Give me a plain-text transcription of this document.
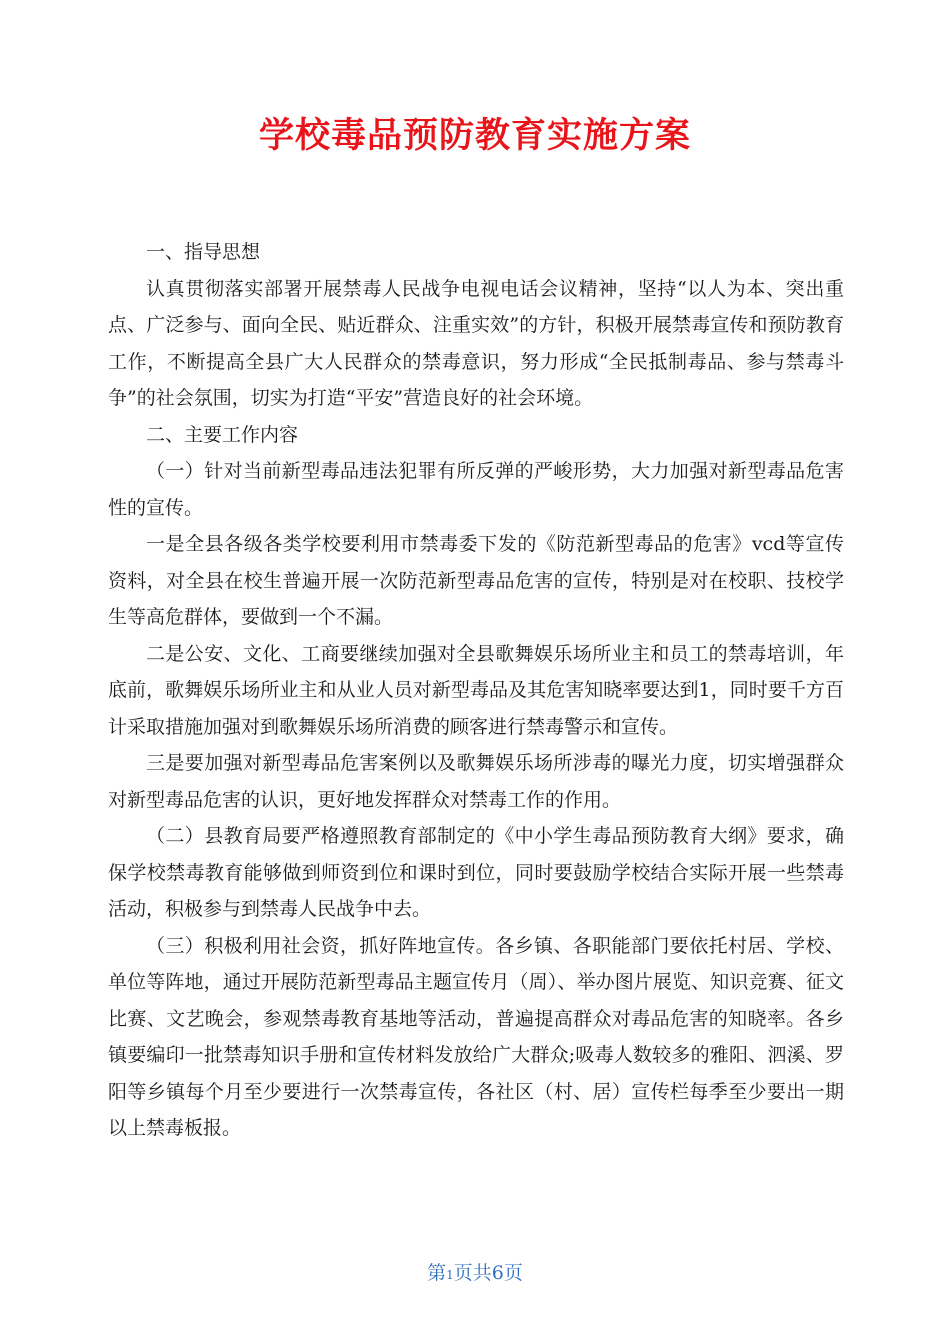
学校毒品预防教育实施方案

一、指导思想

认真贯彻落实部署开展禁毒人民战争电视电话会议精神，坚持“以人为本、突出重点、广泛参与、面向全民、贴近群众、注重实效”的方针，积极开展禁毒宣传和预防教育工作，不断提高全县广大人民群众的禁毒意识，努力形成“全民抵制毒品、参与禁毒斗争”的社会氛围，切实为打造“平安”营造良好的社会环境。

二、主要工作内容

（一）针对当前新型毒品违法犯罪有所反弹的严峻形势，大力加强对新型毒品危害性的宣传。

一是全县各级各类学校要利用市禁毒委下发的《防范新型毒品的危害》vcd等宣传资料，对全县在校生普遍开展一次防范新型毒品危害的宣传，特别是对在校职、技校学生等高危群体，要做到一个不漏。

二是公安、文化、工商要继续加强对全县歌舞娱乐场所业主和员工的禁毒培训，年底前，歌舞娱乐场所业主和从业人员对新型毒品及其危害知晓率要达到1，同时要千方百计采取措施加强对到歌舞娱乐场所消费的顾客进行禁毒警示和宣传。

三是要加强对新型毒品危害案例以及歌舞娱乐场所涉毒的曝光力度，切实增强群众对新型毒品危害的认识，更好地发挥群众对禁毒工作的作用。

（二）县教育局要严格遵照教育部制定的《中小学生毒品预防教育大纲》要求，确保学校禁毒教育能够做到师资到位和课时到位，同时要鼓励学校结合实际开展一些禁毒活动，积极参与到禁毒人民战争中去。

（三）积极利用社会资，抓好阵地宣传。各乡镇、各职能部门要依托村居、学校、单位等阵地，通过开展防范新型毒品主题宣传月（周）、举办图片展览、知识竞赛、征文比赛、文艺晚会，参观禁毒教育基地等活动，普遍提高群众对毒品危害的知晓率。各乡镇要编印一批禁毒知识手册和宣传材料发放给广大群众;吸毒人数较多的雅阳、泗溪、罗阳等乡镇每个月至少要进行一次禁毒宣传，各社区（村、居）宣传栏每季至少要出一期以上禁毒板报。

第1页共6页
